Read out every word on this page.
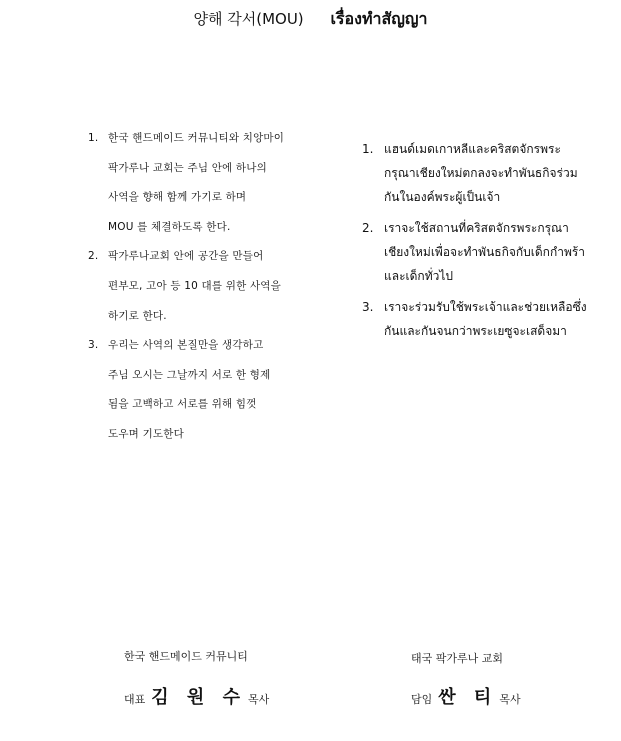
양해 각서(MOU) เรื่องทำสัญญา
1. 한국 핸드메이드 커뮤니티와 치앙마이
팍가루나 교회는 주님 안에 하나의
사역을 향해 함께 가기로 하며
MOU 를 체결하도록 한다.
2. 팍가루나교회 안에 공간을 만들어
편부모, 고아 등 10 대를 위한 사역을
하기로 한다.
3. 우리는 사역의 본질만을 생각하고
주님 오시는 그날까지 서로 한 형제
됨을 고백하고 서로를 위해 힘껏
도우며 기도한다
1. แฮนด์เมดเกาหลีและคริสตจักรพระกรุณาเชียงใหม่ตกลงจะทำพันธกิจร่วมกันในองค์พระผู้เป็นเจ้า
2. เราจะใช้สถานที่คริสตจักรพระกรุณาเชียงใหม่เพื่อจะทำพันธกิจกับเด็กกำพร้าและเด็กทั่วไป
3. เราจะร่วมรับใช้พระเจ้าและช่วยเหลือซึ่งกันและกันจนกว่าพระเยซูจะเสด็จมา
한국 핸드메이드 커뮤니티
대표 김 원 수 목사
태국 팍가루나 교회
담임 싼 티 목사
